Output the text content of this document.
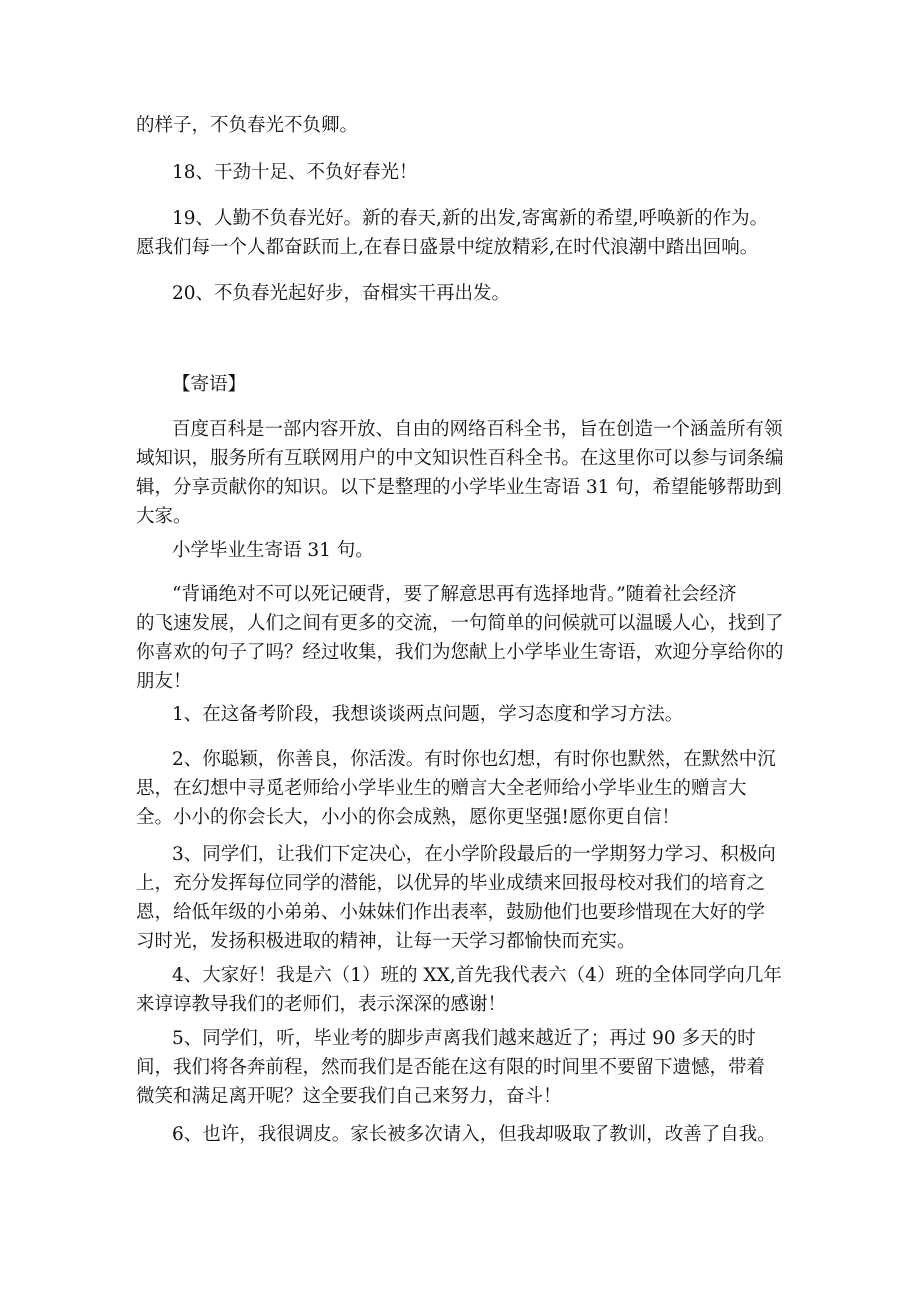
的样子，不负春光不负卿。
18、干劲十足、不负好春光！
19、人勤不负春光好。新的春天,新的出发,寄寓新的希望,呼唤新的作为。
愿我们每一个人都奋跃而上,在春日盛景中绽放精彩,在时代浪潮中踏出回响。
20、不负春光起好步，奋楫实干再出发。
【寄语】
百度百科是一部内容开放、自由的网络百科全书，旨在创造一个涵盖所有领
域知识，服务所有互联网用户的中文知识性百科全书。在这里你可以参与词条编
辑，分享贡献你的知识。以下是整理的小学毕业生寄语 31 句，希望能够帮助到
大家。
小学毕业生寄语 31 句。
“背诵绝对不可以死记硬背，要了解意思再有选择地背。”随着社会经济
的飞速发展，人们之间有更多的交流，一句简单的问候就可以温暖人心，找到了
你喜欢的句子了吗？经过收集，我们为您献上小学毕业生寄语，欢迎分享给你的
朋友！
1、在这备考阶段，我想谈谈两点问题，学习态度和学习方法。
2、你聪颖，你善良，你活泼。有时你也幻想，有时你也默然，在默然中沉
思，在幻想中寻觅老师给小学毕业生的赠言大全老师给小学毕业生的赠言大
全。小小的你会长大，小小的你会成熟，愿你更坚强!愿你更自信！
3、同学们，让我们下定决心，在小学阶段最后的一学期努力学习、积极向
上，充分发挥每位同学的潜能，以优异的毕业成绩来回报母校对我们的培育之
恩，给低年级的小弟弟、小妹妹们作出表率，鼓励他们也要珍惜现在大好的学
习时光，发扬积极进取的精神，让每一天学习都愉快而充实。
4、大家好！我是六（1）班的 XX,首先我代表六（4）班的全体同学向几年
来谆谆教导我们的老师们，表示深深的感谢！
5、同学们，听，毕业考的脚步声离我们越来越近了；再过 90 多天的时
间，我们将各奔前程，然而我们是否能在这有限的时间里不要留下遗憾，带着
微笑和满足离开呢？这全要我们自己来努力，奋斗！
6、也许，我很调皮。家长被多次请入，但我却吸取了教训，改善了自我。
